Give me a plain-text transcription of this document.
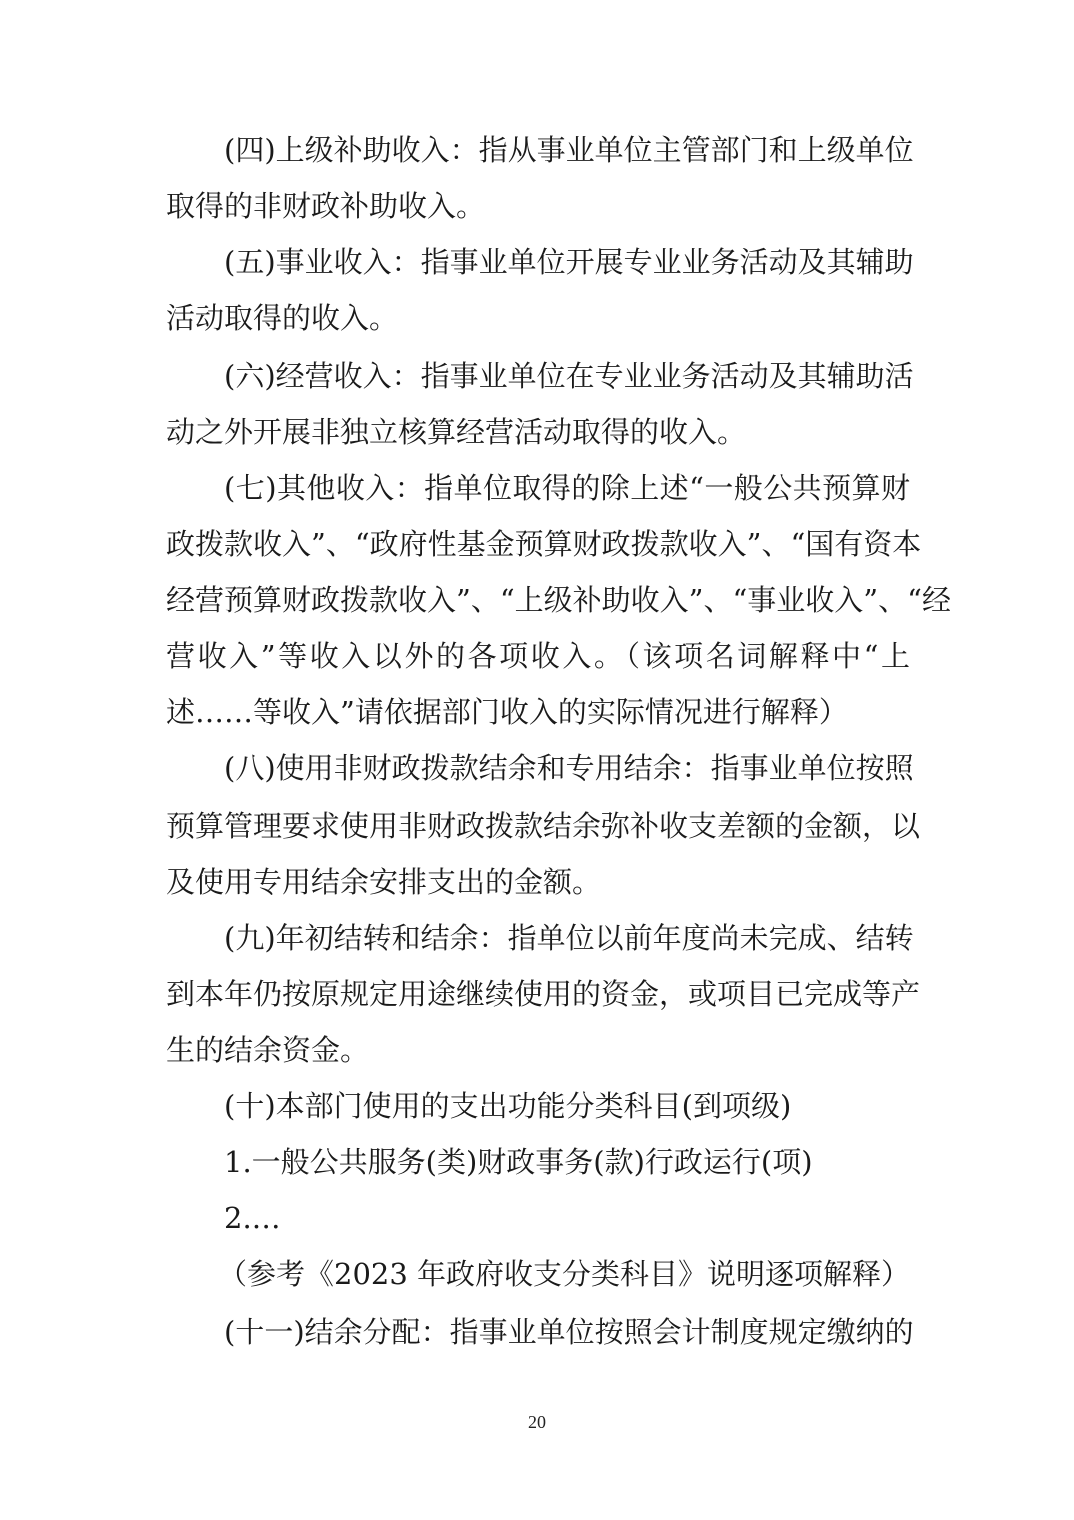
(四)上级补助收入：指从事业单位主管部门和上级单位
取得的非财政补助收入。
(五)事业收入：指事业单位开展专业业务活动及其辅助
活动取得的收入。
(六)经营收入：指事业单位在专业业务活动及其辅助活
动之外开展非独立核算经营活动取得的收入。
(七)其他收入：指单位取得的除上述“一般公共预算财
政拨款收入”、“政府性基金预算财政拨款收入”、“国有资本
经营预算财政拨款收入”、“上级补助收入”、“事业收入”、“经
营收入”等收入以外的各项收入。（该项名词解释中“上
述……等收入”请依据部门收入的实际情况进行解释）
(八)使用非财政拨款结余和专用结余：指事业单位按照
预算管理要求使用非财政拨款结余弥补收支差额的金额，以
及使用专用结余安排支出的金额。
(九)年初结转和结余：指单位以前年度尚未完成、结转
到本年仍按原规定用途继续使用的资金，或项目已完成等产
生的结余资金。
(十)本部门使用的支出功能分类科目(到项级)
1.一般公共服务(类)财政事务(款)行政运行(项)
2.…
（参考《2023 年政府收支分类科目》说明逐项解释）
(十一)结余分配：指事业单位按照会计制度规定缴纳的
20
